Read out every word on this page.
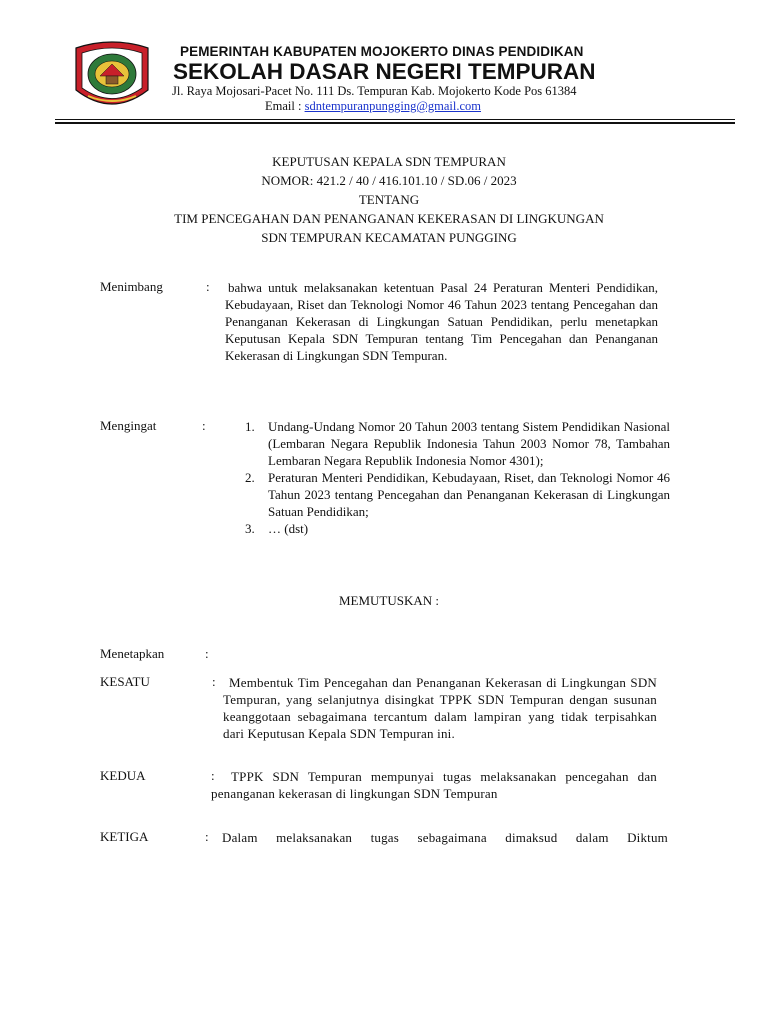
PEMERINTAH KABUPATEN MOJOKERTO DINAS PENDIDIKAN
SEKOLAH DASAR NEGERI TEMPURAN
Jl. Raya Mojosari-Pacet No. 111 Ds. Tempuran Kab. Mojokerto Kode Pos 61384
Email : sdntempuranpungging@gmail.com
KEPUTUSAN KEPALA SDN TEMPURAN
NOMOR: 421.2 / 40 / 416.101.10 / SD.06 / 2023
TENTANG
TIM PENCEGAHAN DAN PENANGANAN KEKERASAN DI LINGKUNGAN
SDN TEMPURAN KECAMATAN PUNGGING
Menimbang	: bahwa untuk melaksanakan ketentuan Pasal 24 Peraturan Menteri Pendidikan, Kebudayaan, Riset dan Teknologi Nomor 46 Tahun 2023 tentang Pencegahan dan Penanganan Kekerasan di Lingkungan Satuan Pendidikan, perlu menetapkan Keputusan Kepala SDN Tempuran tentang Tim Pencegahan dan Penanganan Kekerasan di Lingkungan SDN Tempuran.
Mengingat	:	1. Undang-Undang Nomor 20 Tahun 2003 tentang Sistem Pendidikan Nasional (Lembaran Negara Republik Indonesia Tahun 2003 Nomor 78, Tambahan Lembaran Negara Republik Indonesia Nomor 4301);
2. Peraturan Menteri Pendidikan, Kebudayaan, Riset, dan Teknologi Nomor 46 Tahun 2023 tentang Pencegahan dan Penanganan Kekerasan di Lingkungan Satuan Pendidikan;
3. … (dst)
MEMUTUSKAN :
Menetapkan	:
KESATU	:	Membentuk Tim Pencegahan dan Penanganan Kekerasan di Lingkungan SDN Tempuran, yang selanjutnya disingkat TPPK SDN Tempuran dengan susunan keanggotaan sebagaimana tercantum dalam lampiran yang tidak terpisahkan dari Keputusan Kepala SDN Tempuran ini.
KEDUA	:	TPPK SDN Tempuran mempunyai tugas melaksanakan pencegahan dan penanganan kekerasan di lingkungan SDN Tempuran
KETIGA	: Dalam melaksanakan tugas sebagaimana dimaksud dalam Diktum
